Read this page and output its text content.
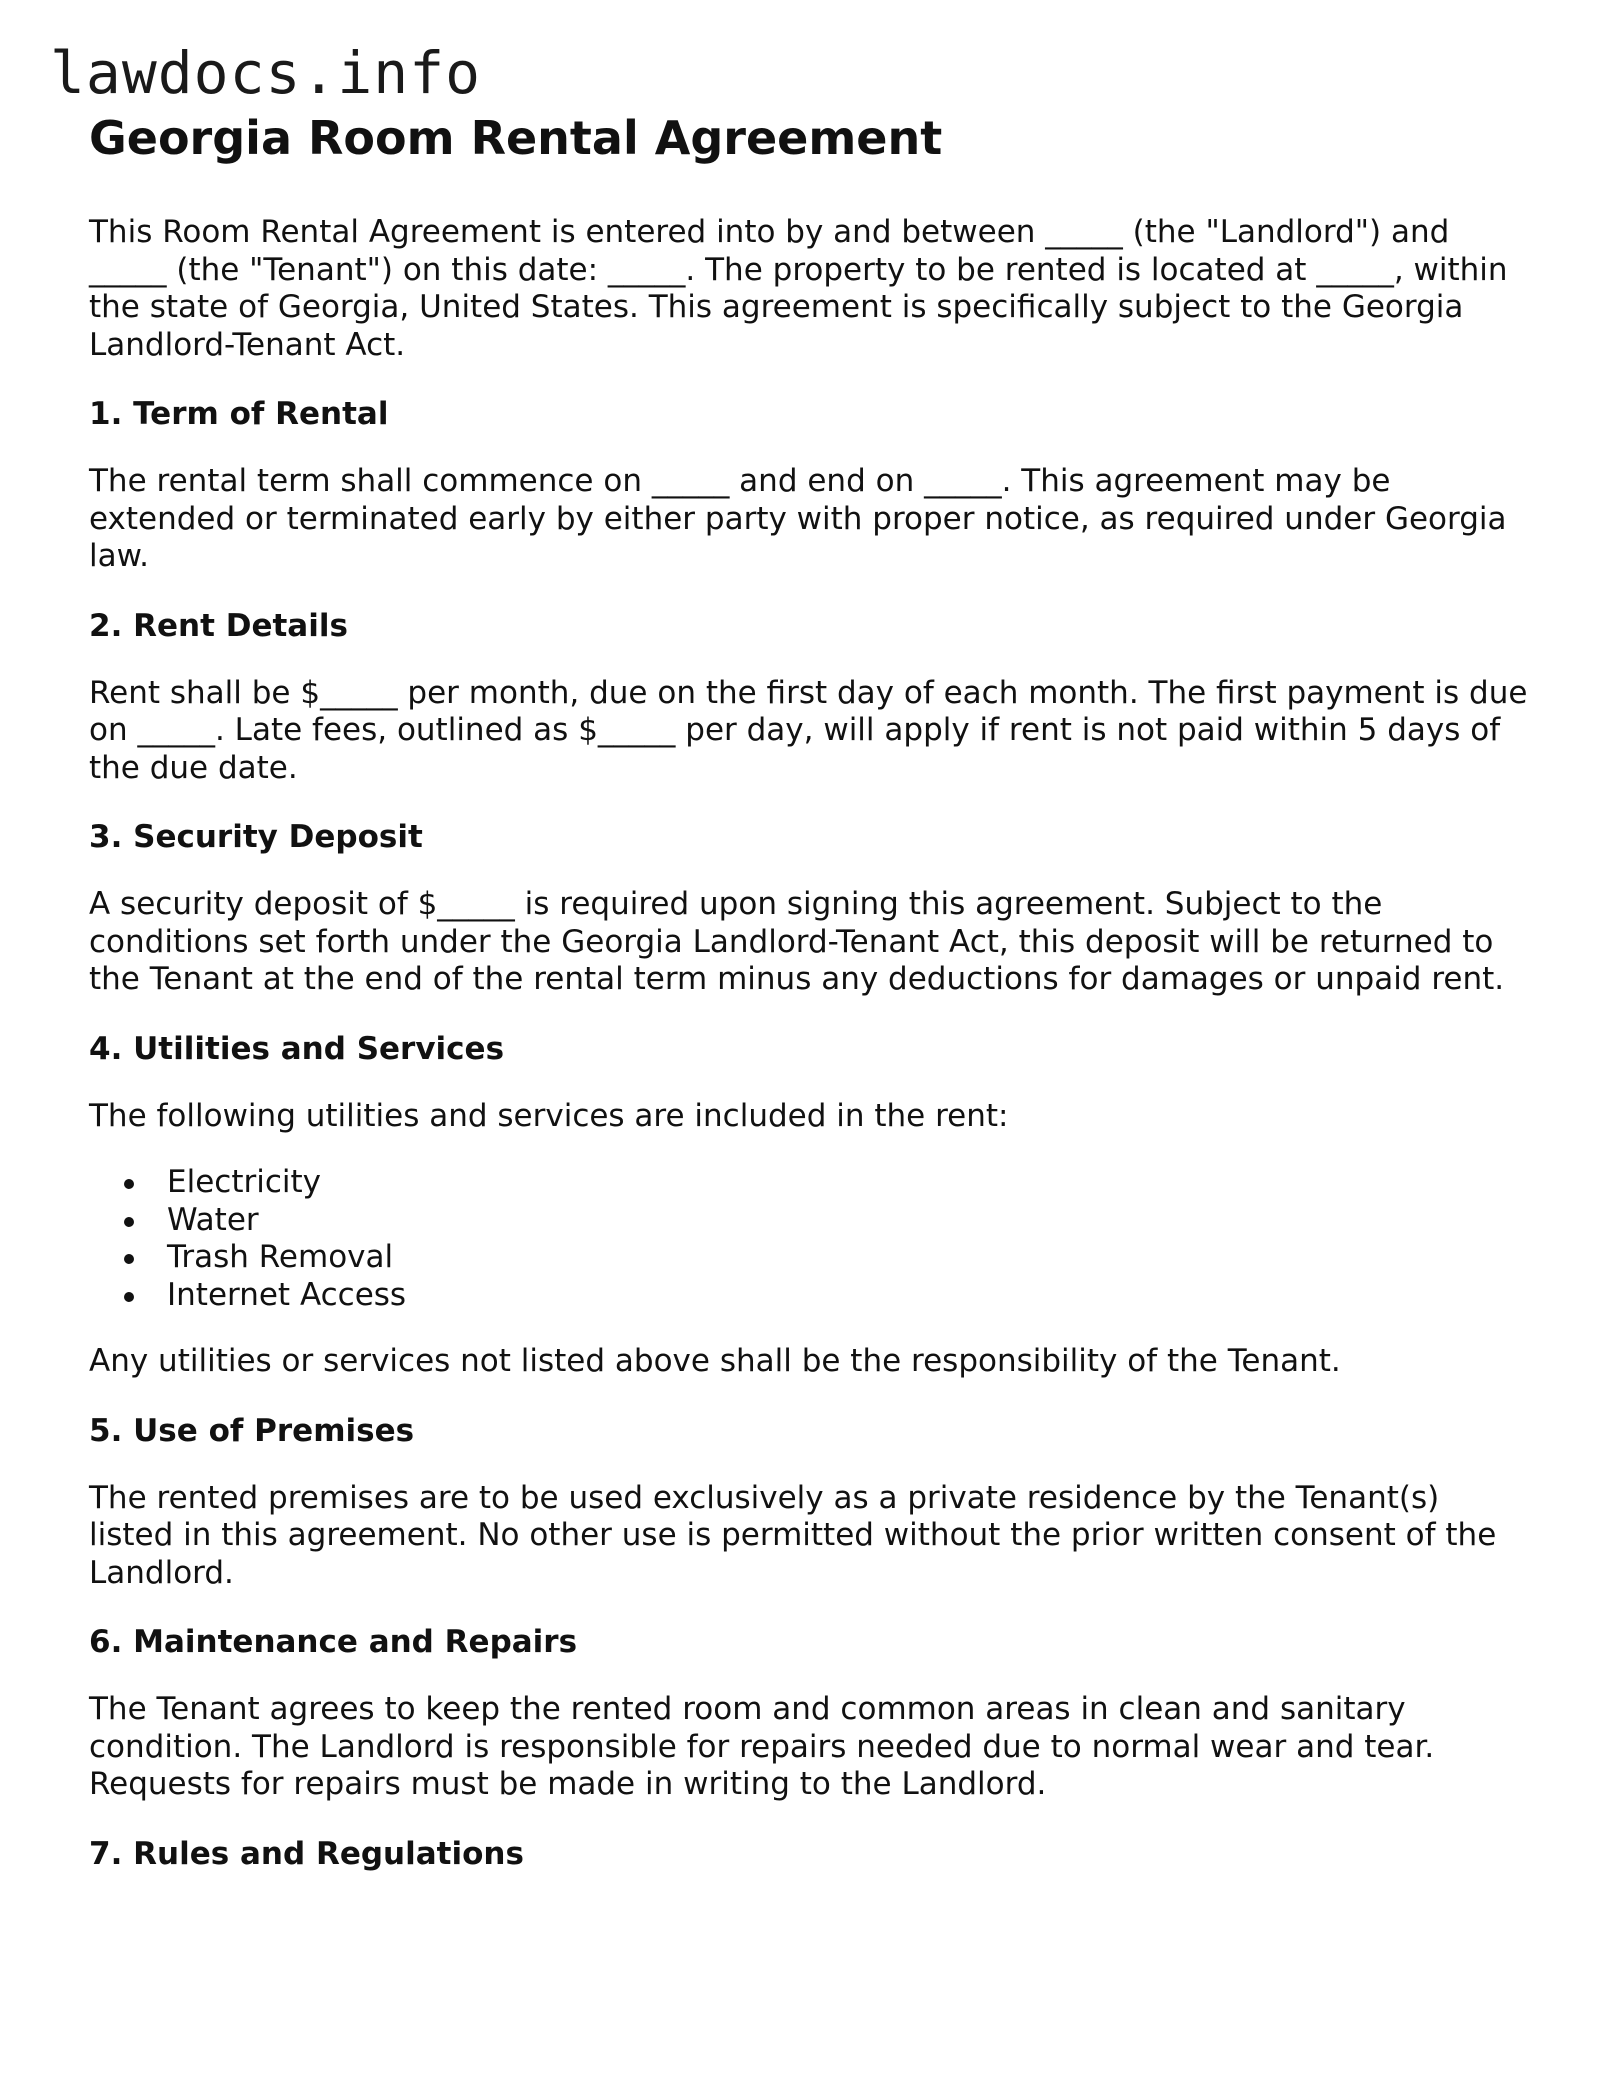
lawdocs.info
Georgia Room Rental Agreement

This Room Rental Agreement is entered into by and between _____ (the "Landlord") and _____ (the "Tenant") on this date: _____. The property to be rented is located at _____, within the state of Georgia, United States. This agreement is specifically subject to the Georgia Landlord-Tenant Act.

1. Term of Rental

The rental term shall commence on _____ and end on _____. This agreement may be extended or terminated early by either party with proper notice, as required under Georgia law.

2. Rent Details

Rent shall be $_____ per month, due on the first day of each month. The first payment is due on _____. Late fees, outlined as $_____ per day, will apply if rent is not paid within 5 days of the due date.

3. Security Deposit

A security deposit of $_____ is required upon signing this agreement. Subject to the conditions set forth under the Georgia Landlord-Tenant Act, this deposit will be returned to the Tenant at the end of the rental term minus any deductions for damages or unpaid rent.

4. Utilities and Services

The following utilities and services are included in the rent:

Electricity
Water
Trash Removal
Internet Access

Any utilities or services not listed above shall be the responsibility of the Tenant.

5. Use of Premises

The rented premises are to be used exclusively as a private residence by the Tenant(s) listed in this agreement. No other use is permitted without the prior written consent of the Landlord.

6. Maintenance and Repairs

The Tenant agrees to keep the rented room and common areas in clean and sanitary condition. The Landlord is responsible for repairs needed due to normal wear and tear. Requests for repairs must be made in writing to the Landlord.

7. Rules and Regulations
